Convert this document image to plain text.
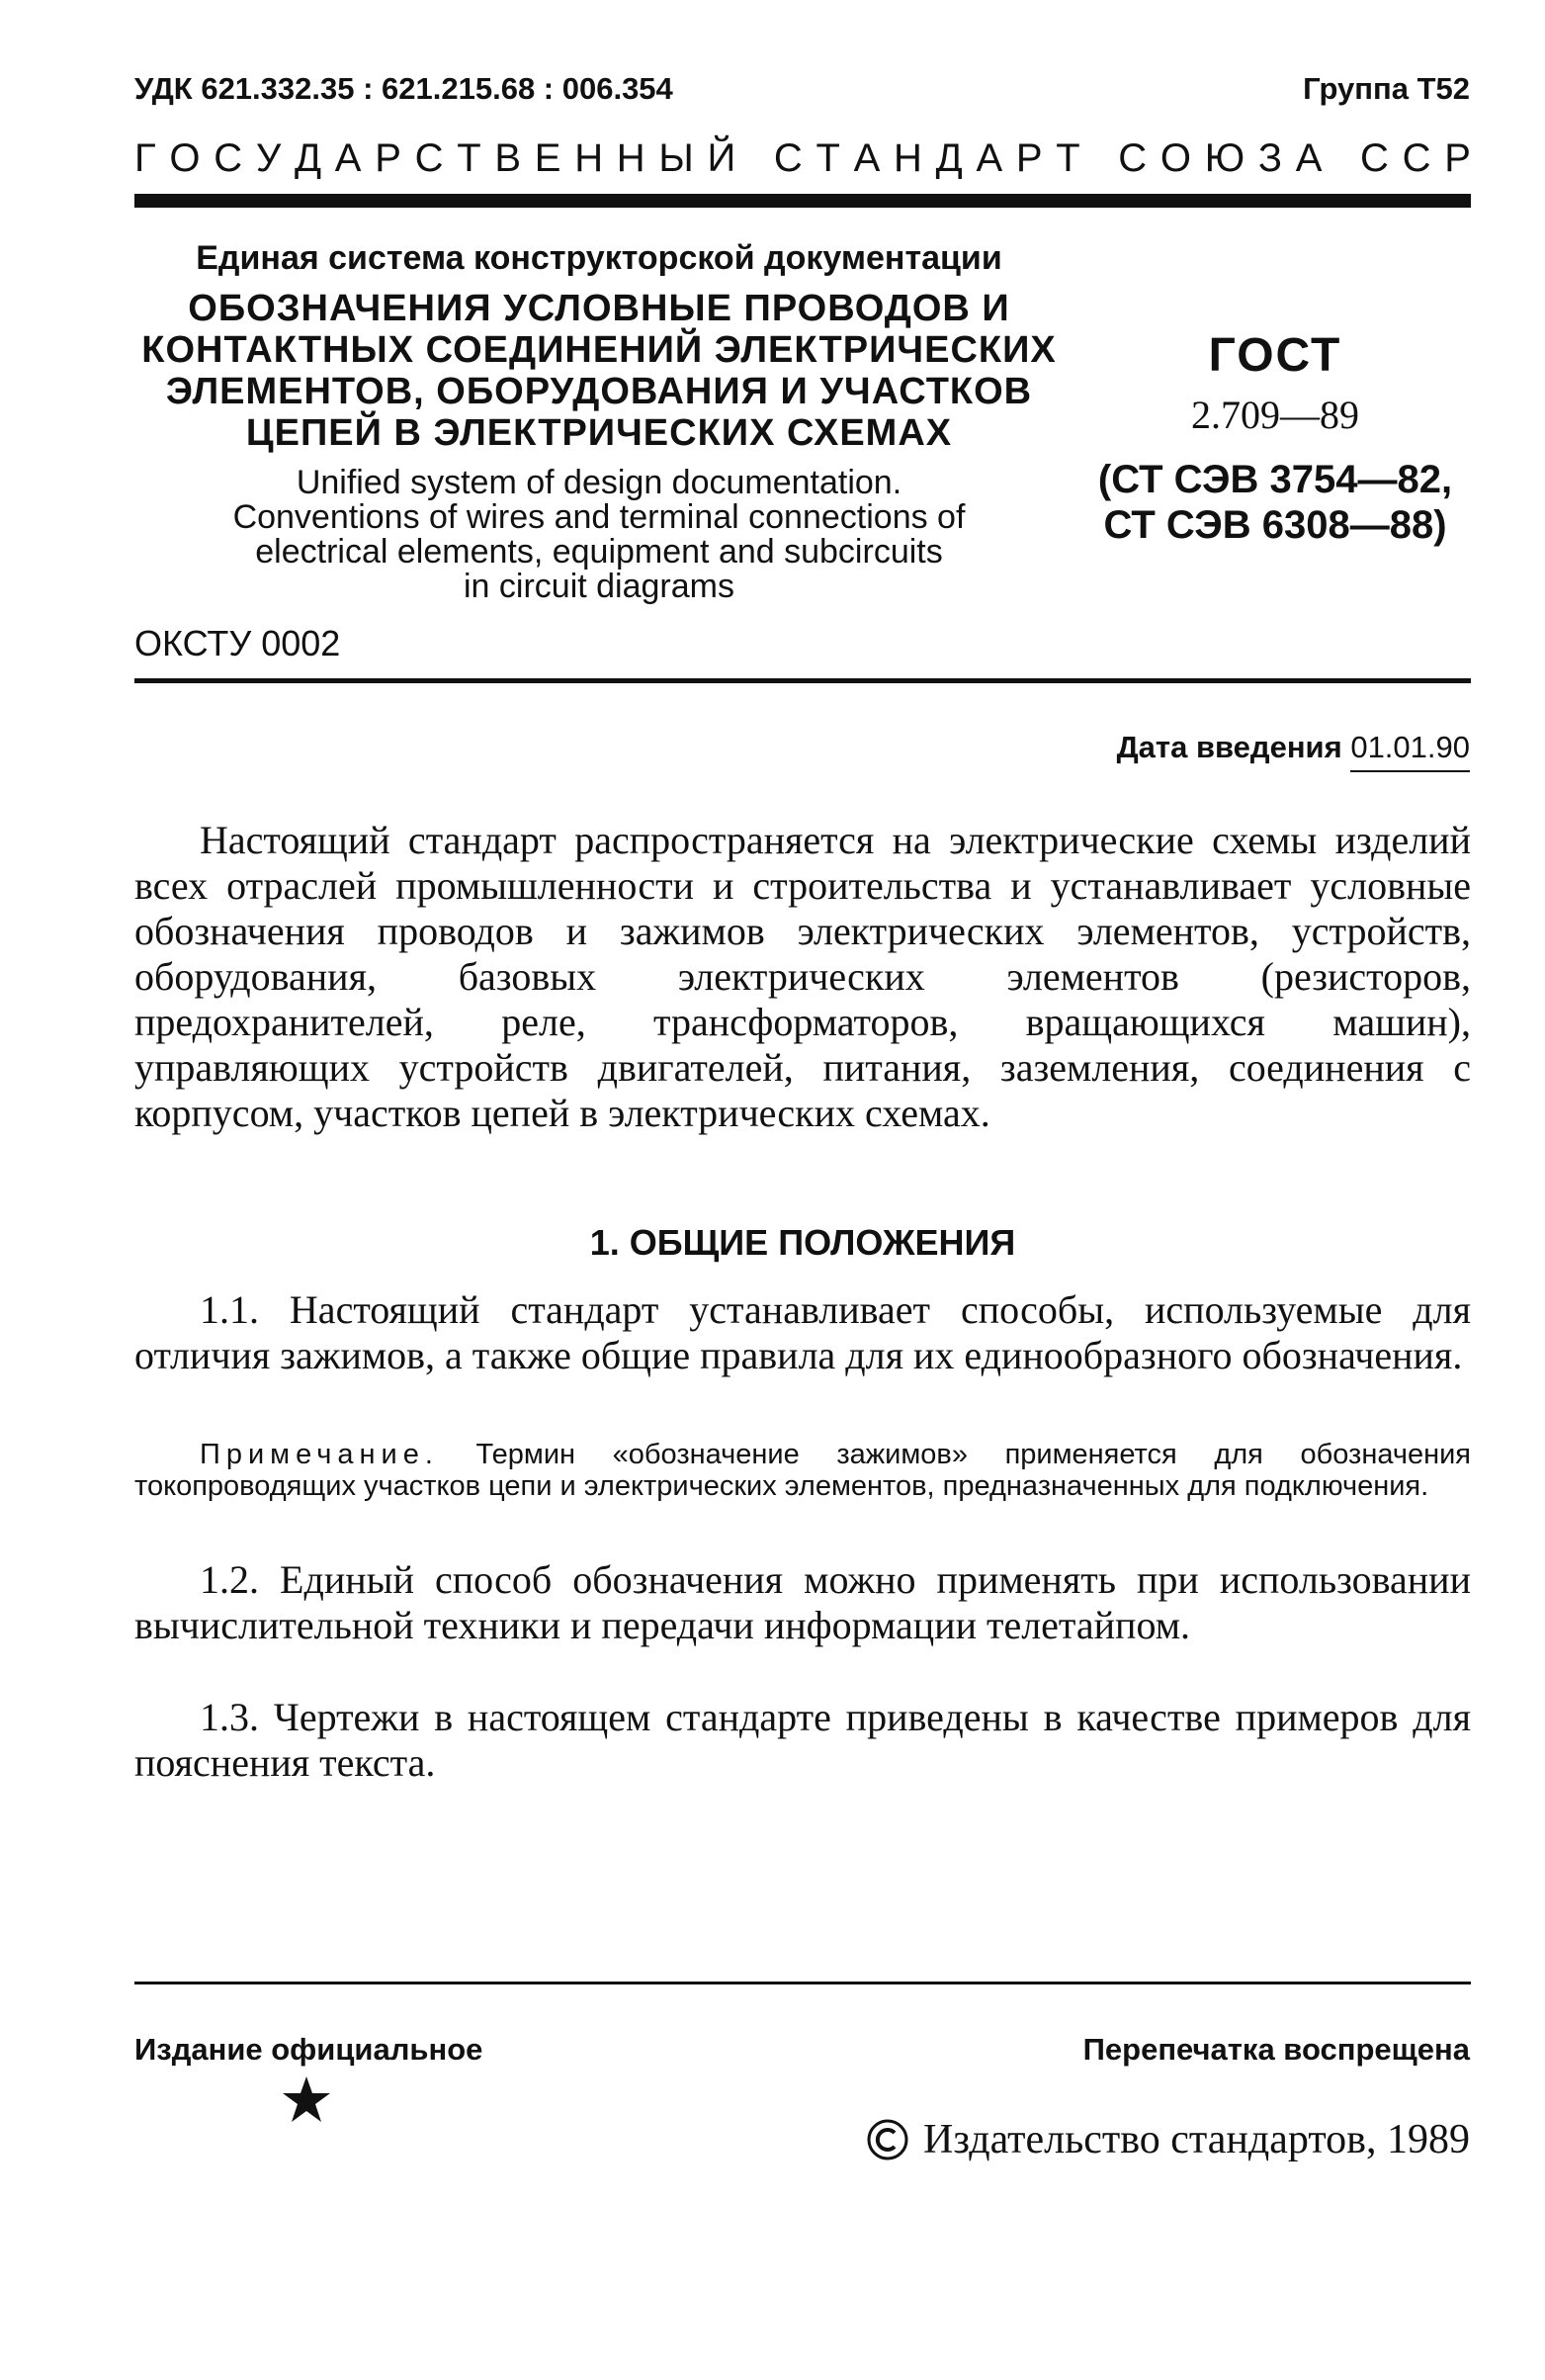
УДК 621.332.35 : 621.215.68 : 006.354	Группа Т52
Г О С У Д А Р С Т В Е Н Н Ы Й
С Т А Н Д А Р Т
С О Ю З А
С С Р
Единая система конструкторской документации
ОБОЗНАЧЕНИЯ УСЛОВНЫЕ ПРОВОДОВ И
КОНТАКТНЫХ СОЕДИНЕНИЙ ЭЛЕКТРИЧЕСКИХ
ЭЛЕМЕНТОВ, ОБОРУДОВАНИЯ И УЧАСТКОВ
ЦЕПЕЙ В ЭЛЕКТРИЧЕСКИХ СХЕМАХ
Unified system of design documentation.
Conventions of wires and terminal connections of
electrical elements, equipment and subcircuits
in circuit diagrams
ОКСТУ 0002
ГОСТ
2.709—89
(СТ СЭВ 3754—82,
СТ СЭВ 6308—88)
Дата введения 01.01.90
Настоящий стандарт распространяется на электрические схемы изделий всех отраслей промышленности и строительства и устанавливает условные обозначения проводов и зажимов электрических элементов, устройств, оборудования, базовых электрических элементов (резисторов, предохранителей, реле, трансформаторов, вращающихся машин), управляющих устройств двигателей, питания, заземления, соединения с корпусом, участков цепей в электрических схемах.
1. ОБЩИЕ ПОЛОЖЕНИЯ
1.1. Настоящий стандарт устанавливает способы, используемые для отличия зажимов, а также общие правила для их единообразного обозначения.
Примечание. Термин «обозначение зажимов» применяется для обозначения токопроводящих участков цепи и электрических элементов, предназначенных для подключения.
1.2. Единый способ обозначения можно применять при использовании вычислительной техники и передачи информации телетайпом.
1.3. Чертежи в настоящем стандарте приведены в качестве примеров для пояснения текста.
Издание официальное	Перепечатка воспрещена
Издательство стандартов, 1989
